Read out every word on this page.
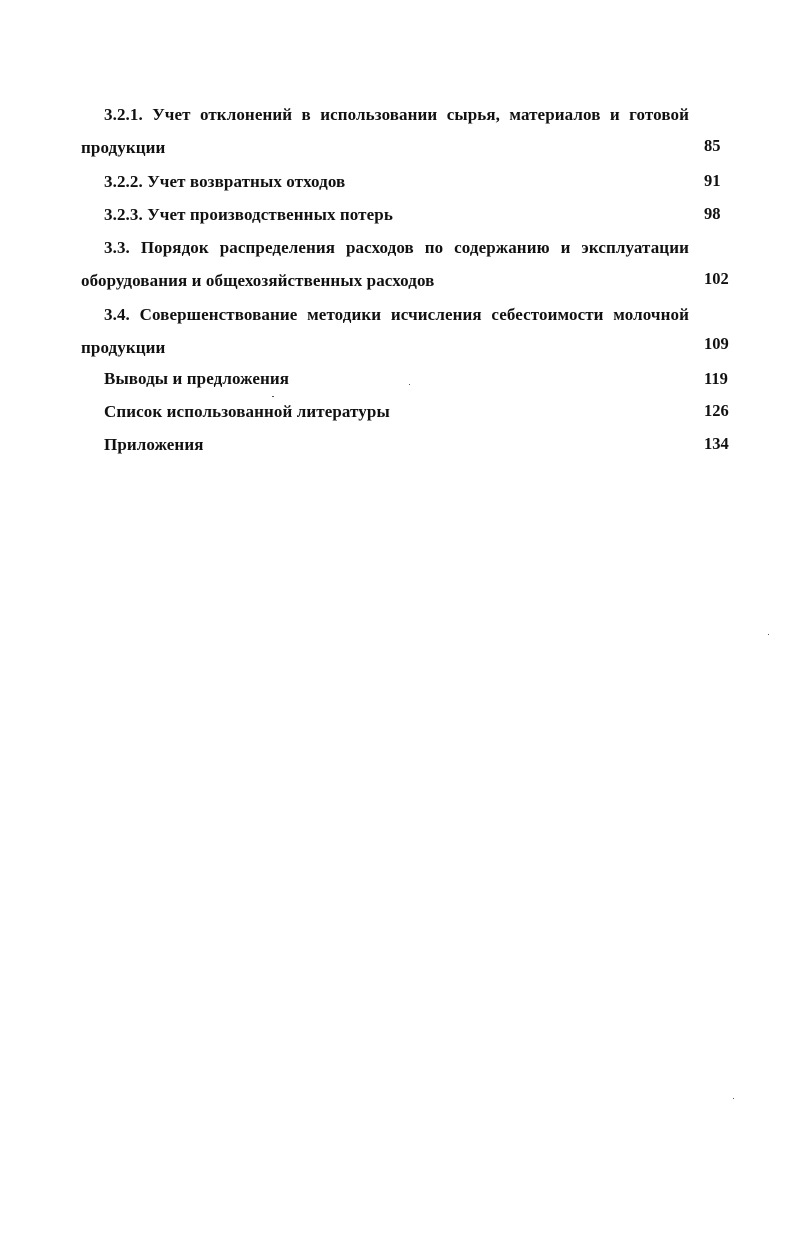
3.2.1. Учет отклонений в использовании сырья, материалов и готовой
продукции	85
3.2.2. Учет возвратных отходов	91
3.2.3. Учет производственных потерь	98
3.3. Порядок распределения расходов по содержанию и эксплуатации
оборудования и общехозяйственных расходов	102
3.4. Совершенствование методики исчисления себестоимости молочной
продукции	109
Выводы и предложения	119
Список использованной литературы	126
Приложения	134
